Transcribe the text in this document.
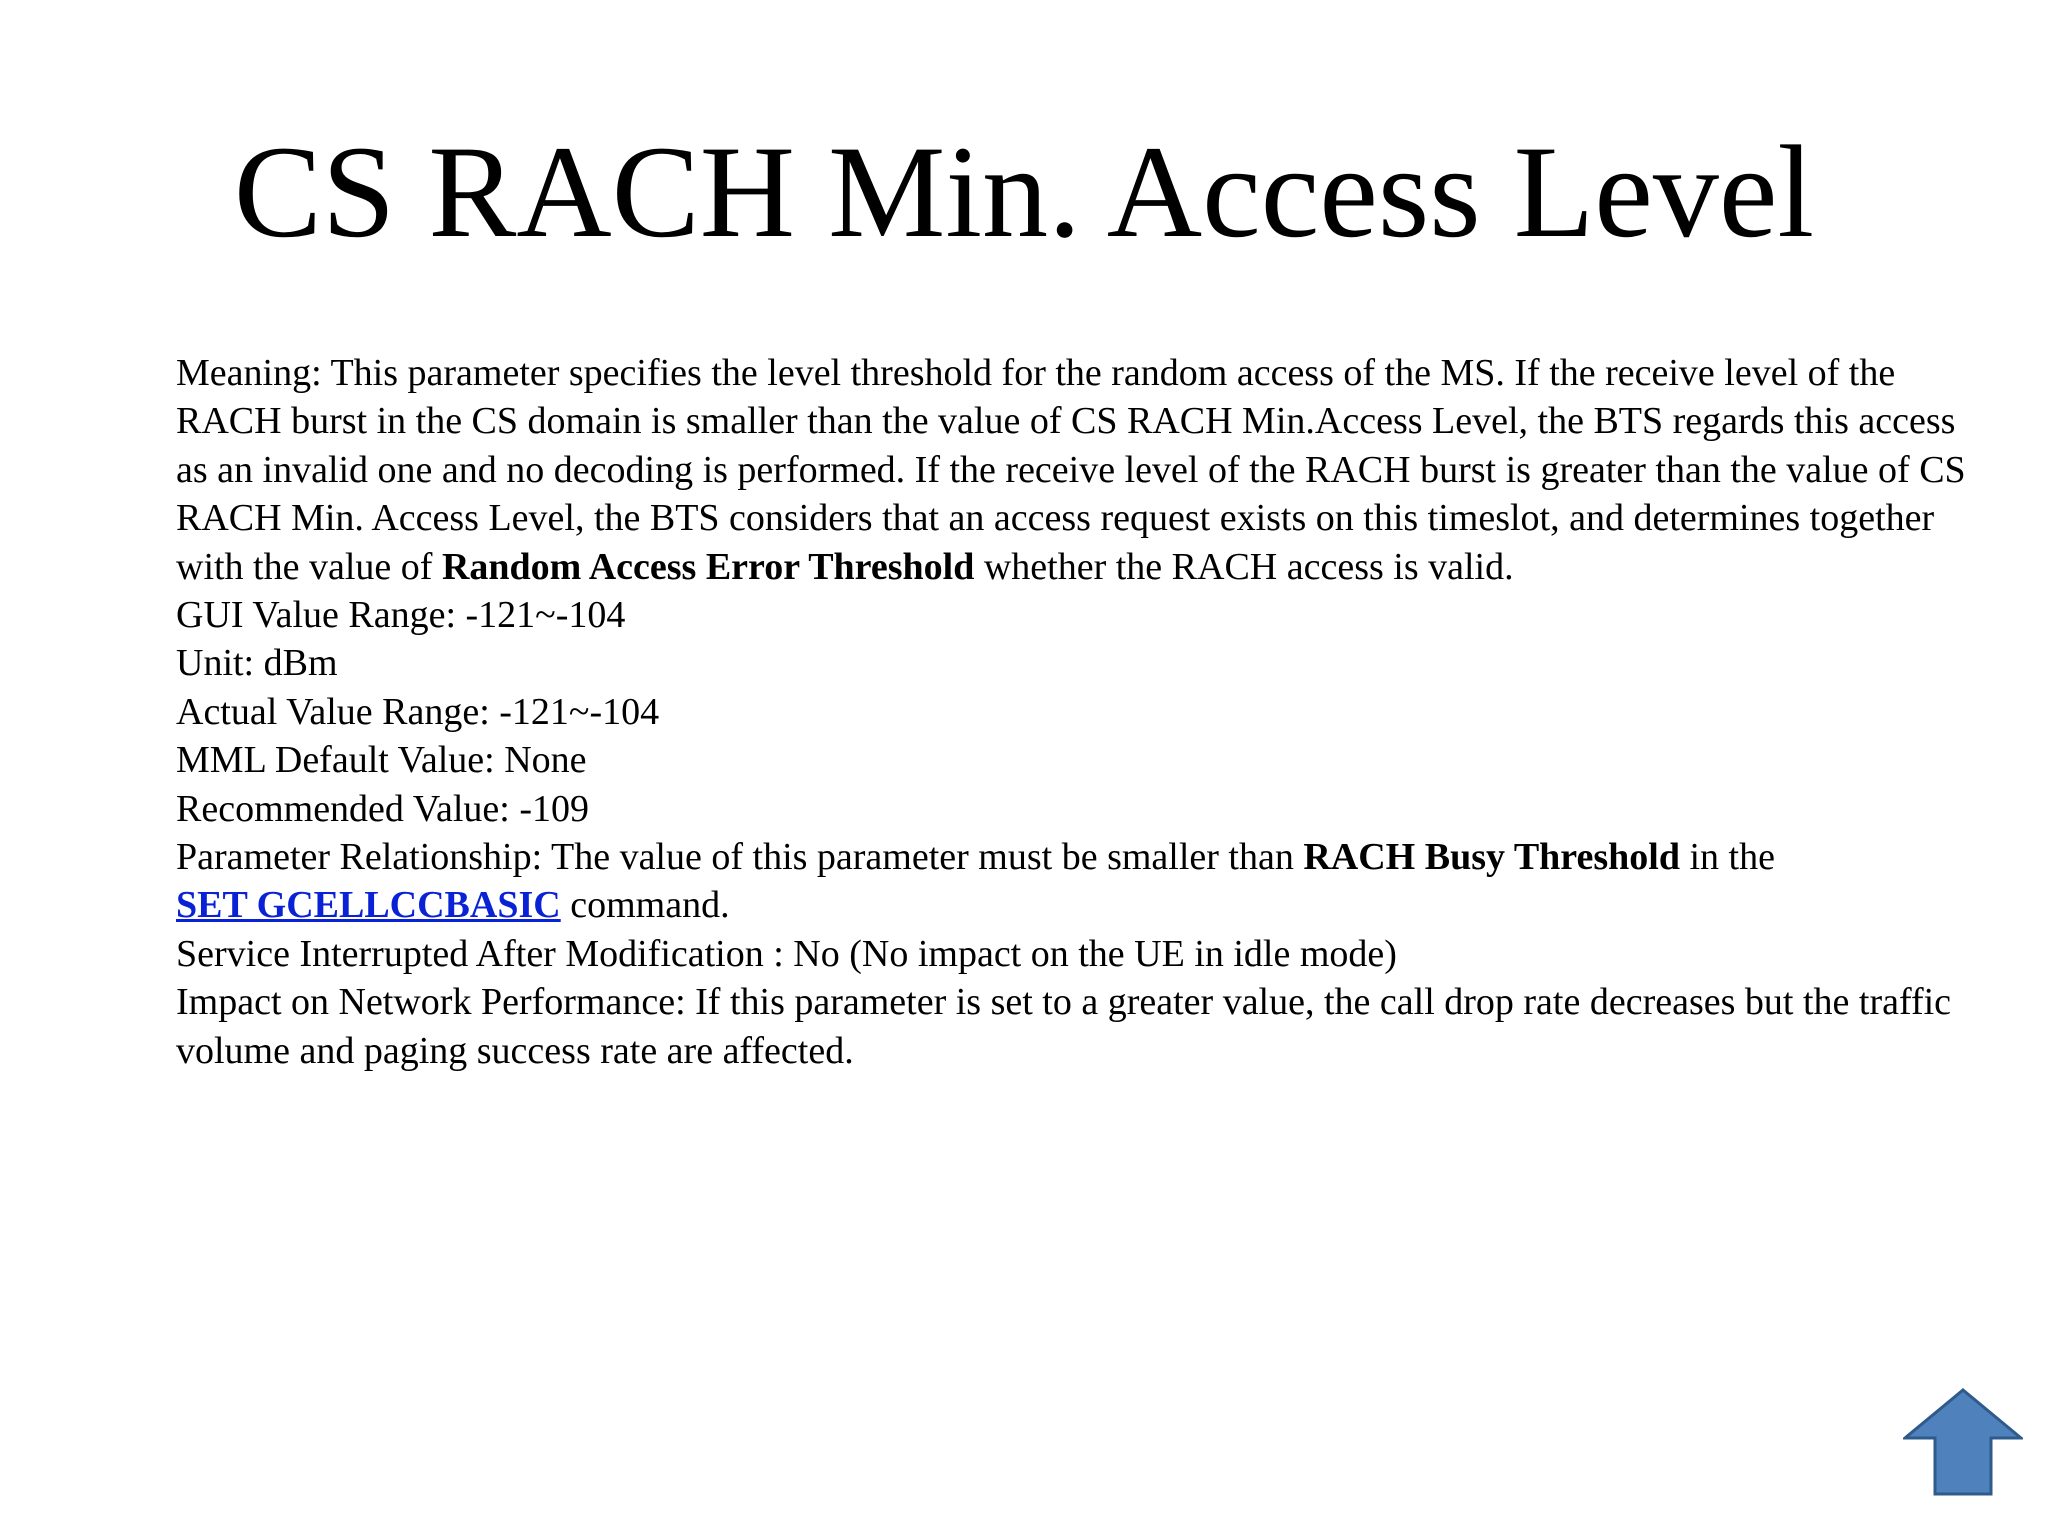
CS RACH Min. Access Level

Meaning: This parameter specifies the level threshold for the random access of the MS. If the receive level of the RACH burst in the CS domain is smaller than the value of CS RACH Min.Access Level, the BTS regards this access as an invalid one and no decoding is performed. If the receive level of the RACH burst is greater than the value of CS RACH Min. Access Level, the BTS considers that an access request exists on this timeslot, and determines together with the value of Random Access Error Threshold whether the RACH access is valid.

GUI Value Range: -121~-104

Unit: dBm

Actual Value Range: -121~-104

MML Default Value: None

Recommended Value: -109

Parameter Relationship: The value of this parameter must be smaller than RACH Busy Threshold in the
SET GCELLCCBASIC command.

Service Interrupted After Modification : No (No impact on the UE in idle mode)

Impact on Network Performance: If this parameter is set to a greater value, the call drop rate decreases but the traffic volume and paging success rate are affected.
